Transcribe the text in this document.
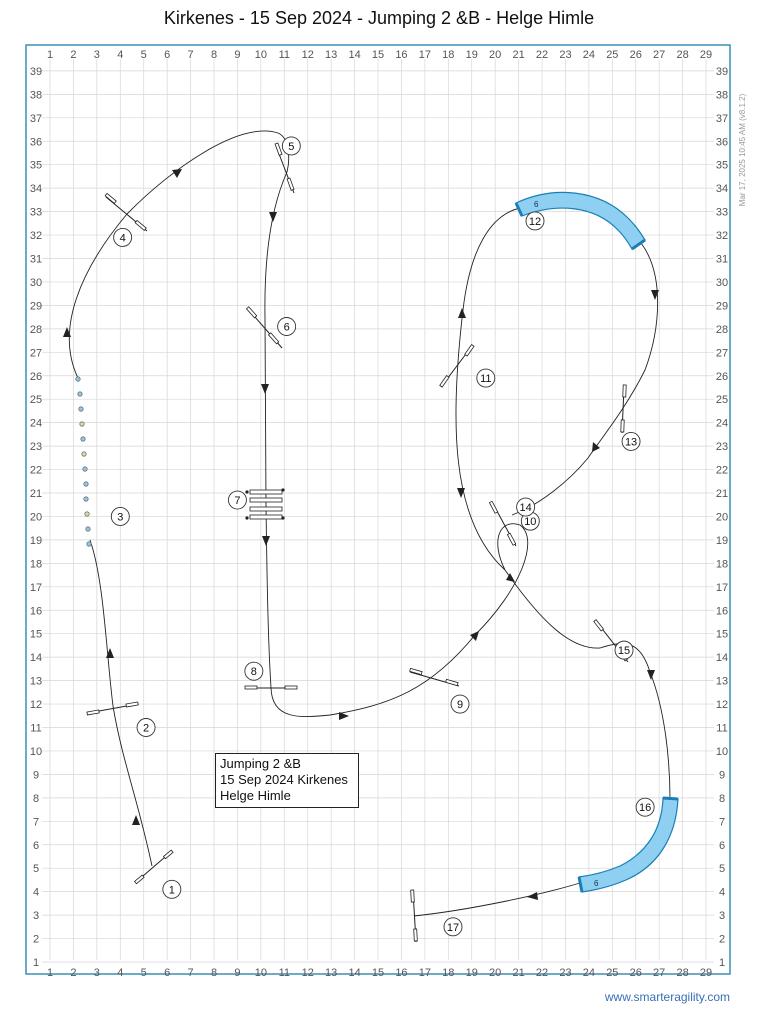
Kirkenes - 15 Sep 2024 - Jumping 2 &B - Helge Himle
1 2 3 4 5 6 7 8 9 10 11 12 13 14 15 16 17 18 19 20 21 22 23 24 25 26 27 28 29
1 2 3 4 5 6 7 8 9 10 11 12 13 14 15 16 17 18 19 20 21 22 23 24 25 26 27 28 29
1
2
3
4
5
6
7
8
9
10
11
12
13
14
15
16
17
18
19
20
21
22
23
24
25
26
27
28
29
30
31
32
33
34
35
36
37
38
39
1
2
3
4
5
6
7
8
9
10
11
12
13
14
15
16
17
18
19
20
21
22
23
24
25
26
27
28
29
30
31
32
33
34
35
36
37
38
39
Mar 17, 2025 10:45 AM (v8.1.2)
6
6
1
2
3
4
5
6
7
8
9
10
11
12
13
14
15
16
17
Jumping 2 &B
15 Sep 2024 Kirkenes
Helge Himle
www.smarteragility.com
